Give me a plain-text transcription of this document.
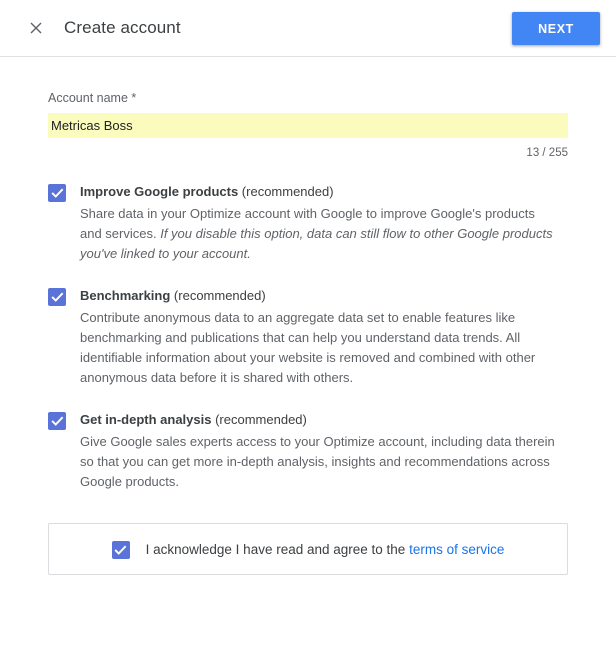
Create account	NEXT
Account name *
Metricas Boss
13 / 255
Improve Google products (recommended)
Share data in your Optimize account with Google to improve Google's products and services. If you disable this option, data can still flow to other Google products you've linked to your account.
Benchmarking (recommended)
Contribute anonymous data to an aggregate data set to enable features like benchmarking and publications that can help you understand data trends. All identifiable information about your website is removed and combined with other anonymous data before it is shared with others.
Get in-depth analysis (recommended)
Give Google sales experts access to your Optimize account, including data therein so that you can get more in-depth analysis, insights and recommendations across Google products.
I acknowledge I have read and agree to the terms of service
